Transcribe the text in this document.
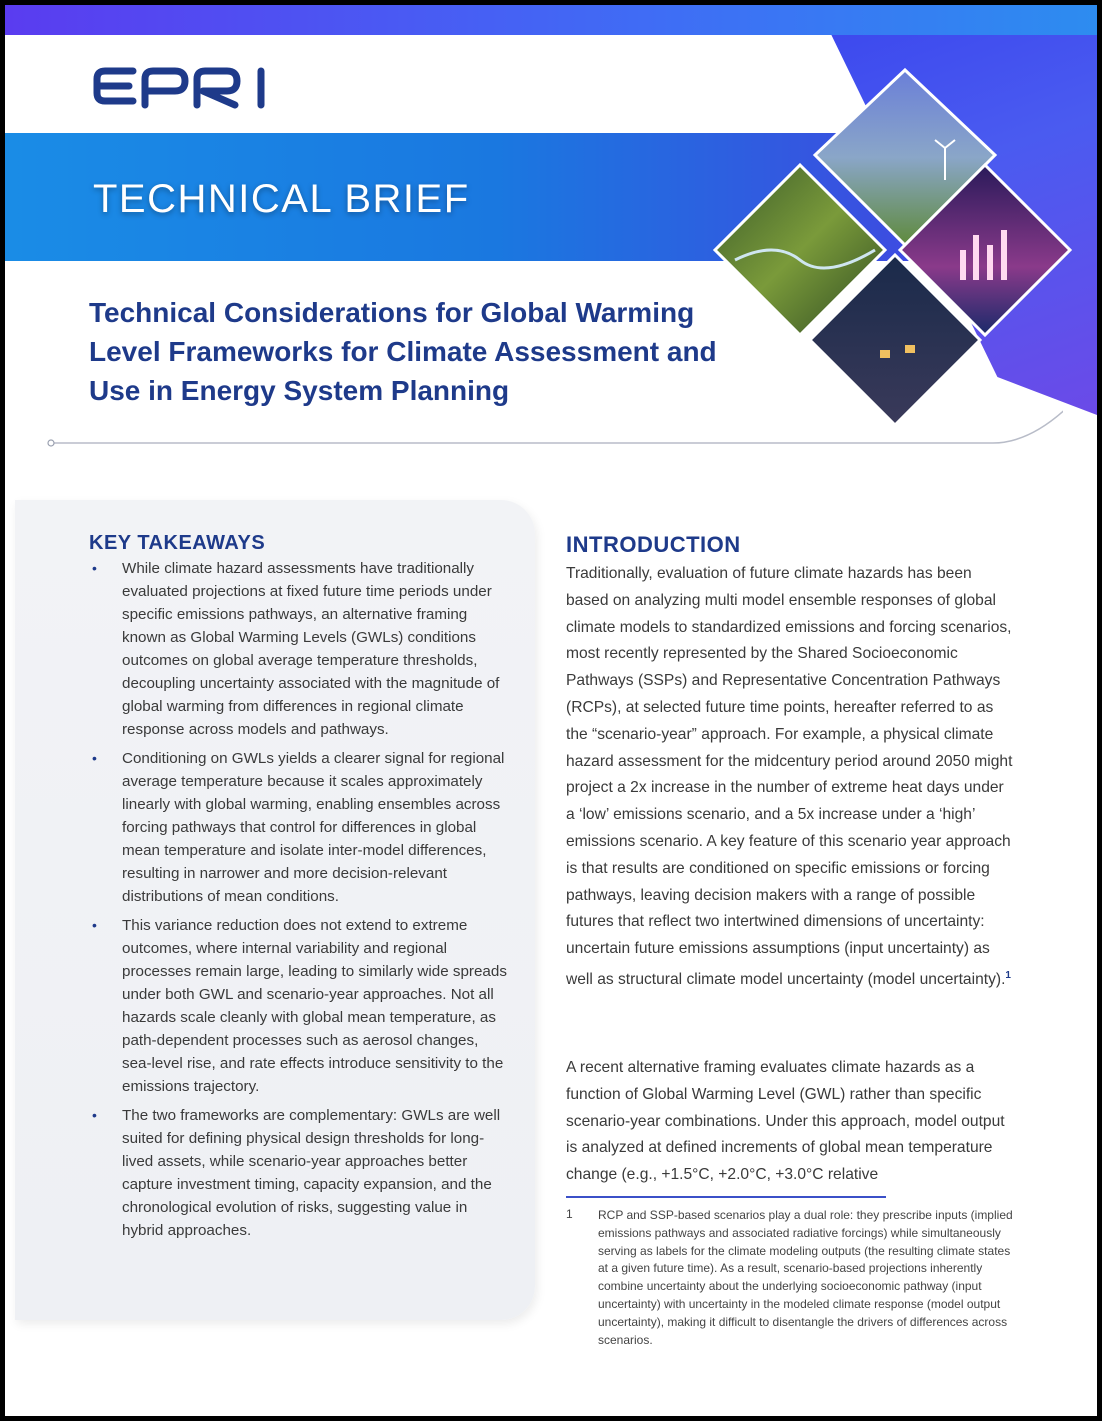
TECHNICAL BRIEF
Technical Considerations for Global Warming Level Frameworks for Climate Assessment and Use in Energy System Planning
KEY TAKEAWAYS
• While climate hazard assessments have traditionally evaluated projections at fixed future time periods under specific emissions pathways, an alternative framing known as Global Warming Levels (GWLs) conditions outcomes on global average temperature thresholds, decoupling uncertainty associated with the magnitude of global warming from differences in regional climate response across models and pathways.
• Conditioning on GWLs yields a clearer signal for regional average temperature because it scales approximately linearly with global warming, enabling ensembles across forcing pathways that control for differences in global mean temperature and isolate inter-model differences, resulting in narrower and more decision-relevant distributions of mean conditions.
• This variance reduction does not extend to extreme outcomes, where internal variability and regional processes remain large, leading to similarly wide spreads under both GWL and scenario-year approaches. Not all hazards scale cleanly with global mean temperature, as path-dependent processes such as aerosol changes, sea-level rise, and rate effects introduce sensitivity to the emissions trajectory.
• The two frameworks are complementary: GWLs are well suited for defining physical design thresholds for long-lived assets, while scenario-year approaches better capture investment timing, capacity expansion, and the chronological evolution of risks, suggesting value in hybrid approaches.
INTRODUCTION

Traditionally, evaluation of future climate hazards has been based on analyzing multi model ensemble responses of global climate models to standardized emissions and forcing scenarios, most recently represented by the Shared Socioeconomic Pathways (SSPs) and Representative Concentration Pathways (RCPs), at selected future time points, hereafter referred to as the “scenario-year” approach. For example, a physical climate hazard assessment for the midcentury period around 2050 might project a 2x increase in the number of extreme heat days under a ‘low’ emissions scenario, and a 5x increase under a ‘high’ emissions scenario. A key feature of this scenario year approach is that results are conditioned on specific emissions or forcing pathways, leaving decision makers with a range of possible futures that reflect two intertwined dimensions of uncertainty: uncertain future emissions assumptions (input uncertainty) as well as structural climate model uncertainty (model uncertainty).$^1$

A recent alternative framing evaluates climate hazards as a function of Global Warming Level (GWL) rather than specific scenario-year combinations. Under this approach, model output is analyzed at defined increments of global mean temperature change (e.g., +1.5°C, +2.0°C, +3.0°C relative

1 RCP and SSP-based scenarios play a dual role: they prescribe inputs (implied emissions pathways and associated radiative forcings) while simultaneously serving as labels for the climate modeling outputs (the resulting climate states at a given future time). As a result, scenario-based projections inherently combine uncertainty about the underlying socioeconomic pathway (input uncertainty) with uncertainty in the modeled climate response (model output uncertainty), making it difficult to disentangle the drivers of differences across scenarios.
